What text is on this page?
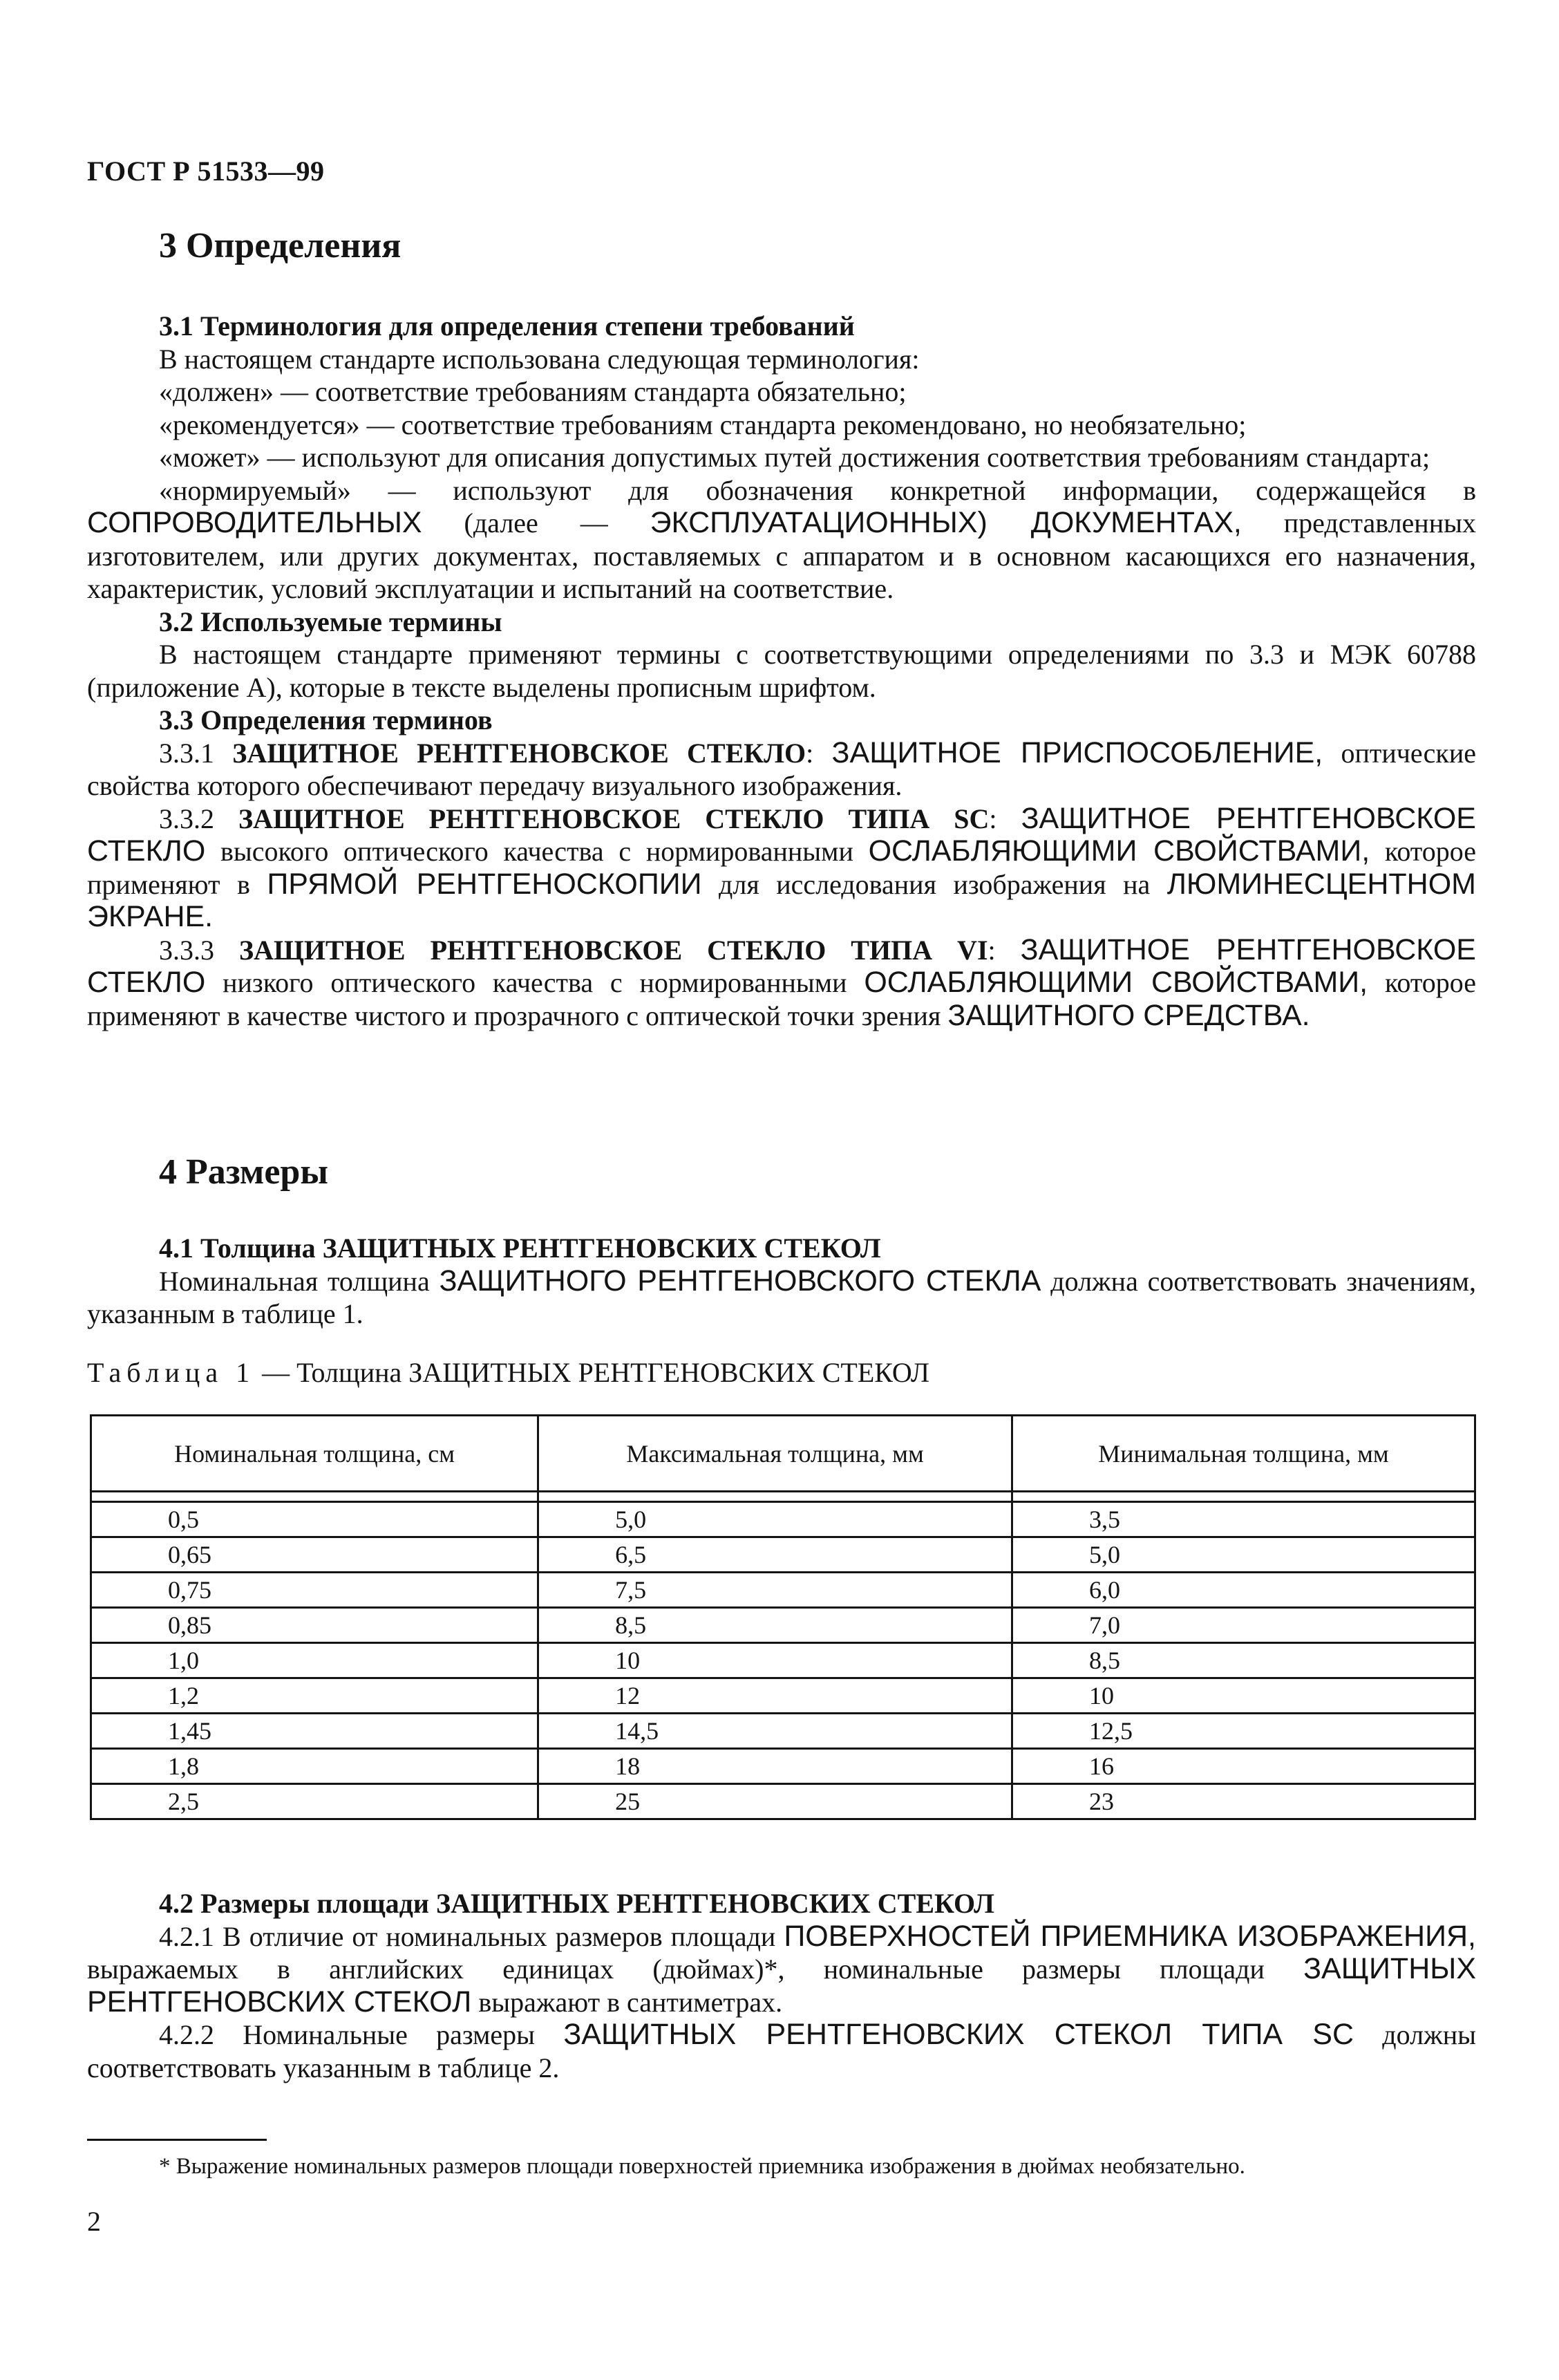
ГОСТ Р 51533—99
3 Определения

3.1 Терминология для определения степени требований

В настоящем стандарте использована следующая терминология:

«должен» — соответствие требованиям стандарта обязательно;

«рекомендуется» — соответствие требованиям стандарта рекомендовано, но необязательно;

«может» — используют для описания допустимых путей достижения соответствия требованиям стандарта;

«нормируемый» — используют для обозначения конкретной информации, содержащейся в СОПРОВОДИТЕЛЬНЫХ (далее — ЭКСПЛУАТАЦИОННЫХ) ДОКУМЕНТАХ, представленных изготовителем, или других документах, поставляемых с аппаратом и в основном касающихся его назначения, характеристик, условий эксплуатации и испытаний на соответствие.

3.2 Используемые термины

В настоящем стандарте применяют термины с соответствующими определениями по 3.3 и МЭК 60788 (приложение А), которые в тексте выделены прописным шрифтом.

3.3 Определения терминов

3.3.1 ЗАЩИТНОЕ РЕНТГЕНОВСКОЕ СТЕКЛО: ЗАЩИТНОЕ ПРИСПОСОБЛЕНИЕ, оптические свойства которого обеспечивают передачу визуального изображения.

3.3.2 ЗАЩИТНОЕ РЕНТГЕНОВСКОЕ СТЕКЛО ТИПА SC: ЗАЩИТНОЕ РЕНТГЕНОВСКОЕ СТЕКЛО высокого оптического качества с нормированными ОСЛАБЛЯЮЩИМИ СВОЙСТВАМИ, которое применяют в ПРЯМОЙ РЕНТГЕНОСКОПИИ для исследования изображения на ЛЮМИНЕСЦЕНТНОМ ЭКРАНЕ.

3.3.3 ЗАЩИТНОЕ РЕНТГЕНОВСКОЕ СТЕКЛО ТИПА VI: ЗАЩИТНОЕ РЕНТГЕНОВСКОЕ СТЕКЛО низкого оптического качества с нормированными ОСЛАБЛЯЮЩИМИ СВОЙСТВАМИ, которое применяют в качестве чистого и прозрачного с оптической точки зрения ЗАЩИТНОГО СРЕДСТВА.

4 Размеры

4.1 Толщина ЗАЩИТНЫХ РЕНТГЕНОВСКИХ СТЕКОЛ

Номинальная толщина ЗАЩИТНОГО РЕНТГЕНОВСКОГО СТЕКЛА должна соответствовать значениям, указанным в таблице 1.

Таблица 1 — Толщина ЗАЩИТНЫХ РЕНТГЕНОВСКИХ СТЕКОЛ
Номинальная толщина, см	Максимальная толщина, мм	Минимальная толщина, мм

0,5	5,0	3,5
0,65	6,5	5,0
0,75	7,5	6,0
0,85	8,5	7,0
1,0	10	8,5
1,2	12	10
1,45	14,5	12,5
1,8	18	16
2,5	25	23

4.2 Размеры площади ЗАЩИТНЫХ РЕНТГЕНОВСКИХ СТЕКОЛ

4.2.1 В отличие от номинальных размеров площади ПОВЕРХНОСТЕЙ ПРИЕМНИКА ИЗОБРАЖЕНИЯ, выражаемых в английских единицах (дюймах)*, номинальные размеры площади ЗАЩИТНЫХ РЕНТГЕНОВСКИХ СТЕКОЛ выражают в сантиметрах.

4.2.2 Номинальные размеры ЗАЩИТНЫХ РЕНТГЕНОВСКИХ СТЕКОЛ ТИПА SC должны соответствовать указанным в таблице 2.

* Выражение номинальных размеров площади поверхностей приемника изображения в дюймах необязательно.
2
